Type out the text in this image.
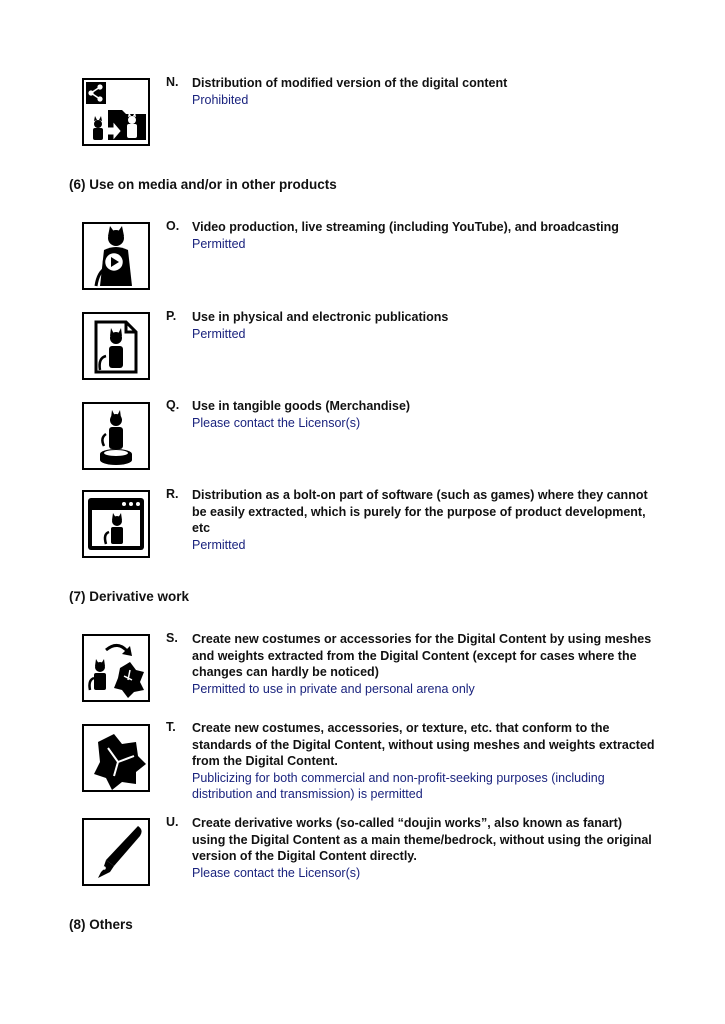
N. Distribution of modified version of the digital content
Prohibited
(6) Use on media and/or in other products
O. Video production, live streaming (including YouTube), and broadcasting
Permitted
P. Use in physical and electronic publications
Permitted
Q. Use in tangible goods (Merchandise)
Please contact the Licensor(s)
R. Distribution as a bolt-on part of software (such as games) where they cannot be easily extracted, which is purely for the purpose of product development, etc
Permitted
(7) Derivative work
S. Create new costumes or accessories for the Digital Content by using meshes and weights extracted from the Digital Content (except for cases where the changes can hardly be noticed)
Permitted to use in private and personal arena only
T. Create new costumes, accessories, or texture, etc. that conform to the standards of the Digital Content, without using meshes and weights extracted from the Digital Content.
Publicizing for both commercial and non-profit-seeking purposes (including distribution and transmission) is permitted
U. Create derivative works (so-called “doujin works”, also known as fanart) using the Digital Content as a main theme/bedrock, without using the original version of the Digital Content directly.
Please contact the Licensor(s)
(8) Others
